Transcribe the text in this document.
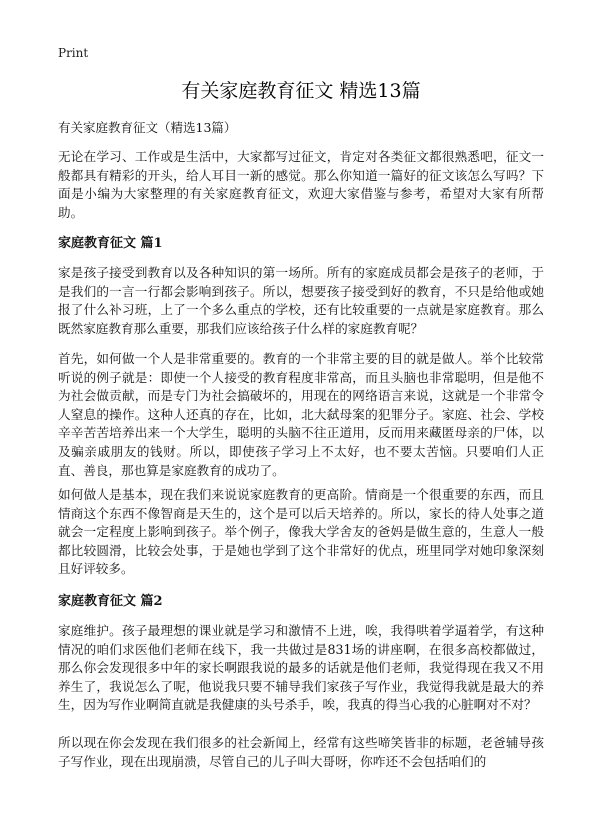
Print
有关家庭教育征文 精选13篇
有关家庭教育征文（精选13篇）

无论在学习、工作或是生活中，大家都写过征文，肯定对各类征文都很熟悉吧，征文一般都具有精彩的开头，给人耳目一新的感觉。那么你知道一篇好的征文该怎么写吗？下面是小编为大家整理的有关家庭教育征文，欢迎大家借鉴与参考，希望对大家有所帮助。

家庭教育征文 篇1

家是孩子接受到教育以及各种知识的第一场所。所有的家庭成员都会是孩子的老师，于是我们的一言一行都会影响到孩子。所以，想要孩子接受到好的教育，不只是给他或她报了什么补习班，上了一个多么重点的学校，还有比较重要的一点就是家庭教育。那么既然家庭教育那么重要，那我们应该给孩子什么样的家庭教育呢？

首先，如何做一个人是非常重要的。教育的一个非常主要的目的就是做人。举个比较常听说的例子就是：即使一个人接受的教育程度非常高，而且头脑也非常聪明，但是他不为社会做贡献，而是专门为社会搞破坏的，用现在的网络语言来说，这就是一个非常令人窒息的操作。这种人还真的存在，比如，北大弑母案的犯罪分子。家庭、社会、学校辛辛苦苦培养出来一个大学生，聪明的头脑不往正道用，反而用来藏匿母亲的尸体，以及骗亲戚朋友的钱财。所以，即使孩子学习上不太好，也不要太苦恼。只要咱们人正直、善良，那也算是家庭教育的成功了。

如何做人是基本，现在我们来说说家庭教育的更高阶。情商是一个很重要的东西，而且情商这个东西不像智商是天生的，这个是可以后天培养的。所以，家长的待人处事之道就会一定程度上影响到孩子。举个例子，像我大学舍友的爸妈是做生意的，生意人一般都比较圆滑，比较会处事，于是她也学到了这个非常好的优点，班里同学对她印象深刻且好评较多。

家庭教育征文 篇2

家庭维护。孩子最理想的课业就是学习和激情不上进，唉，我得哄着学逼着学，有这种情况的咱们求医他们老师在线下，我一共做过是831场的讲座啊，在很多高校都做过，那么你会发现很多中年的家长啊跟我说的最多的话就是他们老师，我觉得现在我又不用养生了，我说怎么了呢，他说我只要不辅导我们家孩子写作业，我觉得我就是最大的养生，因为写作业啊简直就是我健康的头号杀手，唉，我真的得当心我的心脏啊对不对？

所以现在你会发现在我们很多的社会新闻上，经常有这些啼笑皆非的标题，老爸辅导孩子写作业，现在出现崩溃，尽管自己的儿子叫大哥呀，你咋还不会包括咱们的
